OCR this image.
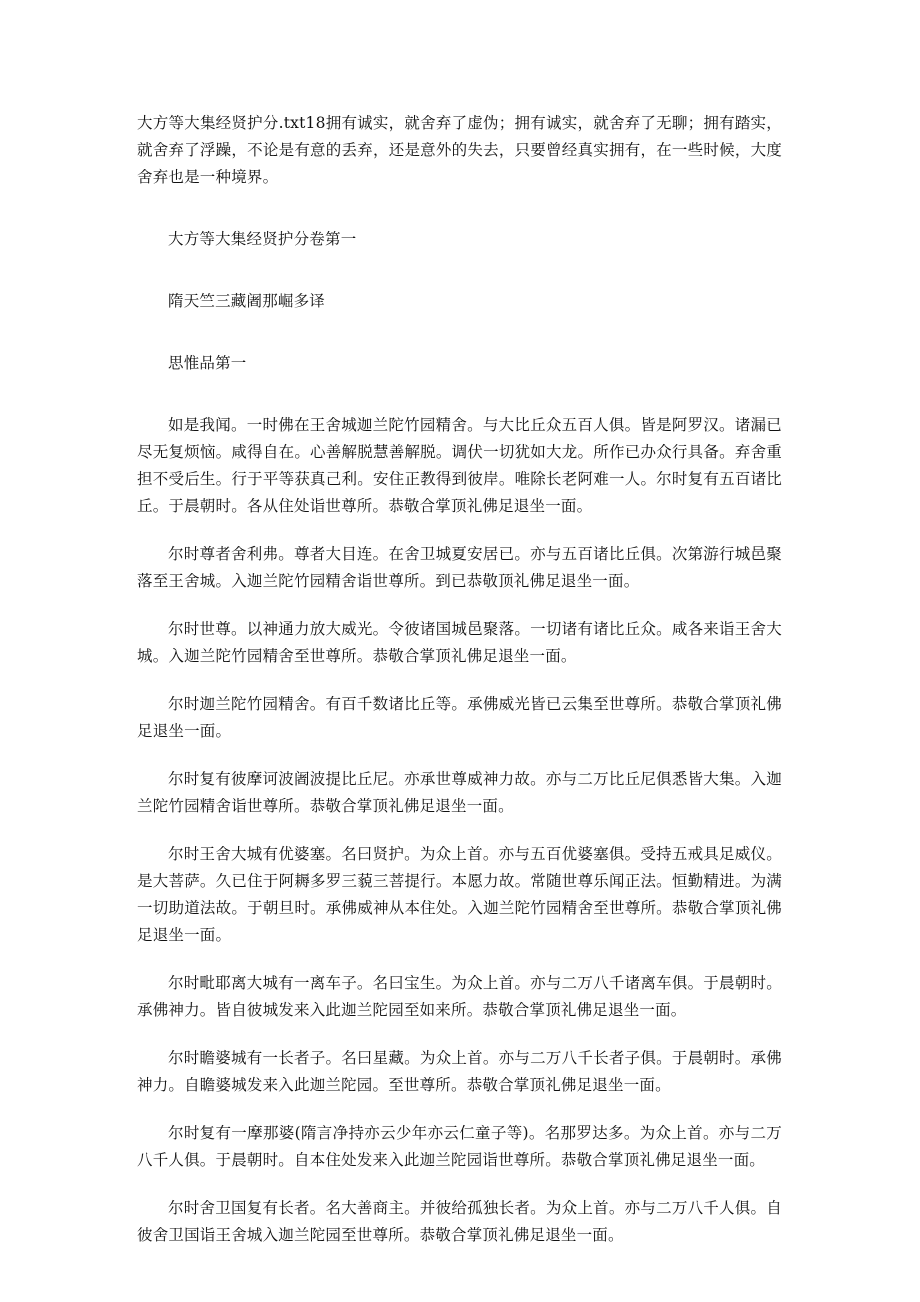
大方等大集经贤护分.txt18拥有诚实，就舍弃了虚伪；拥有诚实，就舍弃了无聊；拥有踏实，就舍弃了浮躁，不论是有意的丢弃，还是意外的失去，只要曾经真实拥有，在一些时候，大度舍弃也是一种境界。

大方等大集经贤护分卷第一

隋天竺三藏阇那崛多译

思惟品第一

如是我闻。一时佛在王舍城迦兰陀竹园精舍。与大比丘众五百人俱。皆是阿罗汉。诸漏已尽无复烦恼。咸得自在。心善解脱慧善解脱。调伏一切犹如大龙。所作已办众行具备。弃舍重担不受后生。行于平等获真己利。安住正教得到彼岸。唯除长老阿难一人。尔时复有五百诸比丘。于晨朝时。各从住处诣世尊所。恭敬合掌顶礼佛足退坐一面。

尔时尊者舍利弗。尊者大目连。在舍卫城夏安居已。亦与五百诸比丘俱。次第游行城邑聚落至王舍城。入迦兰陀竹园精舍诣世尊所。到已恭敬顶礼佛足退坐一面。

尔时世尊。以神通力放大威光。令彼诸国城邑聚落。一切诸有诸比丘众。咸各来诣王舍大城。入迦兰陀竹园精舍至世尊所。恭敬合掌顶礼佛足退坐一面。

尔时迦兰陀竹园精舍。有百千数诸比丘等。承佛威光皆已云集至世尊所。恭敬合掌顶礼佛足退坐一面。

尔时复有彼摩诃波阇波提比丘尼。亦承世尊威神力故。亦与二万比丘尼俱悉皆大集。入迦兰陀竹园精舍诣世尊所。恭敬合掌顶礼佛足退坐一面。

尔时王舍大城有优婆塞。名曰贤护。为众上首。亦与五百优婆塞俱。受持五戒具足威仪。是大菩萨。久已住于阿耨多罗三藐三菩提行。本愿力故。常随世尊乐闻正法。恒勤精进。为满一切助道法故。于朝旦时。承佛威神从本住处。入迦兰陀竹园精舍至世尊所。恭敬合掌顶礼佛足退坐一面。

尔时毗耶离大城有一离车子。名曰宝生。为众上首。亦与二万八千诸离车俱。于晨朝时。承佛神力。皆自彼城发来入此迦兰陀园至如来所。恭敬合掌顶礼佛足退坐一面。

尔时瞻婆城有一长者子。名曰星藏。为众上首。亦与二万八千长者子俱。于晨朝时。承佛神力。自瞻婆城发来入此迦兰陀园。至世尊所。恭敬合掌顶礼佛足退坐一面。

尔时复有一摩那婆(隋言净持亦云少年亦云仁童子等)。名那罗达多。为众上首。亦与二万八千人俱。于晨朝时。自本住处发来入此迦兰陀园诣世尊所。恭敬合掌顶礼佛足退坐一面。

尔时舍卫国复有长者。名大善商主。并彼给孤独长者。为众上首。亦与二万八千人俱。自彼舍卫国诣王舍城入迦兰陀园至世尊所。恭敬合掌顶礼佛足退坐一面。
